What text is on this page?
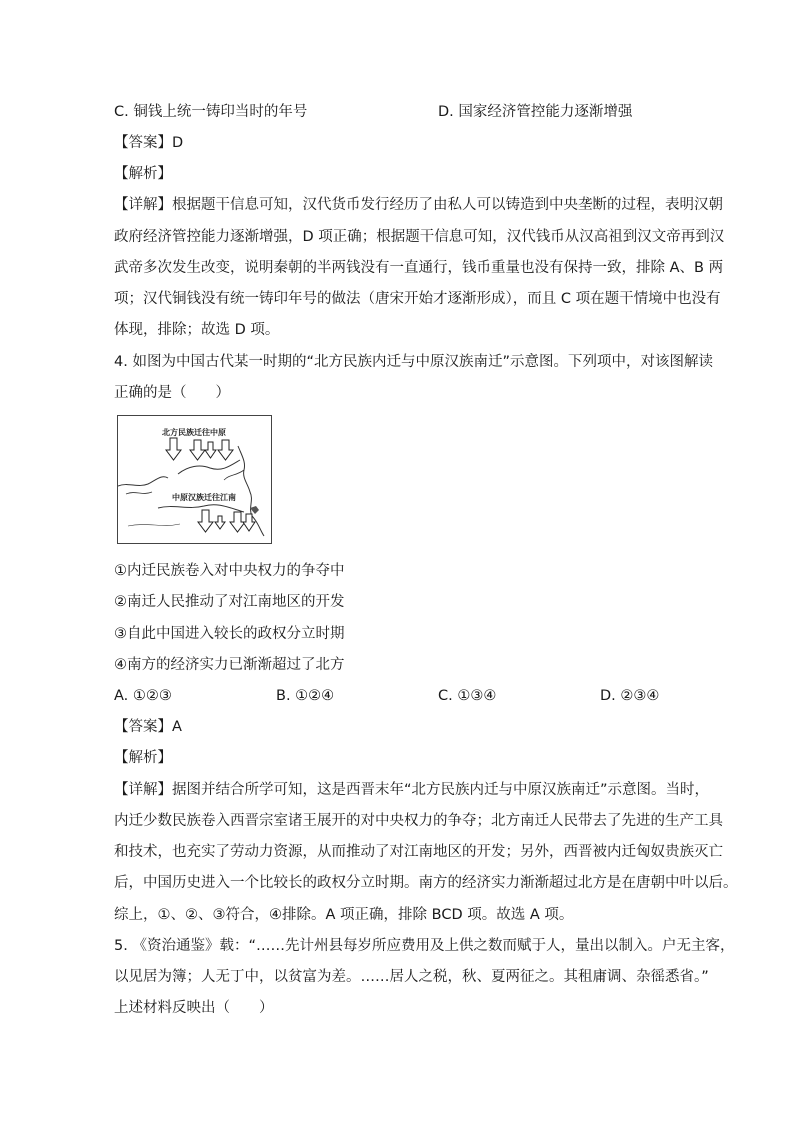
C. 铜钱上统一铸印当时的年号	D. 国家经济管控能力逐渐增强
【答案】D
【解析】
【详解】根据题干信息可知，汉代货币发行经历了由私人可以铸造到中央垄断的过程，表明汉朝
政府经济管控能力逐渐增强，D 项正确；根据题干信息可知，汉代钱币从汉高祖到汉文帝再到汉
武帝多次发生改变，说明秦朝的半两钱没有一直通行，钱币重量也没有保持一致，排除 A、B 两
项；汉代铜钱没有统一铸印年号的做法（唐宋开始才逐渐形成），而且 C 项在题干情境中也没有
体现，排除；故选 D 项。
4. 如图为中国古代某一时期的“北方民族内迁与中原汉族南迁”示意图。下列项中，对该图解读
正确的是（　　）
北方民族迁往中原
中原汉族迁往江南
①内迁民族卷入对中央权力的争夺中
②南迁人民推动了对江南地区的开发
③自此中国进入较长的政权分立时期
④南方的经济实力已渐渐超过了北方
A. ①②③	B. ①②④	C. ①③④	D. ②③④
【答案】A
【解析】
【详解】据图并结合所学可知，这是西晋末年“北方民族内迁与中原汉族南迁”示意图。当时，
内迁少数民族卷入西晋宗室诸王展开的对中央权力的争夺；北方南迁人民带去了先进的生产工具
和技术，也充实了劳动力资源，从而推动了对江南地区的开发；另外，西晋被内迁匈奴贵族灭亡
后，中国历史进入一个比较长的政权分立时期。南方的经济实力渐渐超过北方是在唐朝中叶以后。
综上，①、②、③符合，④排除。A 项正确，排除 BCD 项。故选 A 项。
5. 《资治通鉴》载：“……先计州县每岁所应费用及上供之数而赋于人，量出以制入。户无主客，
以见居为簿；人无丁中，以贫富为差。……居人之税，秋、夏两征之。其租庸调、杂徭悉省。”
上述材料反映出（　　）
